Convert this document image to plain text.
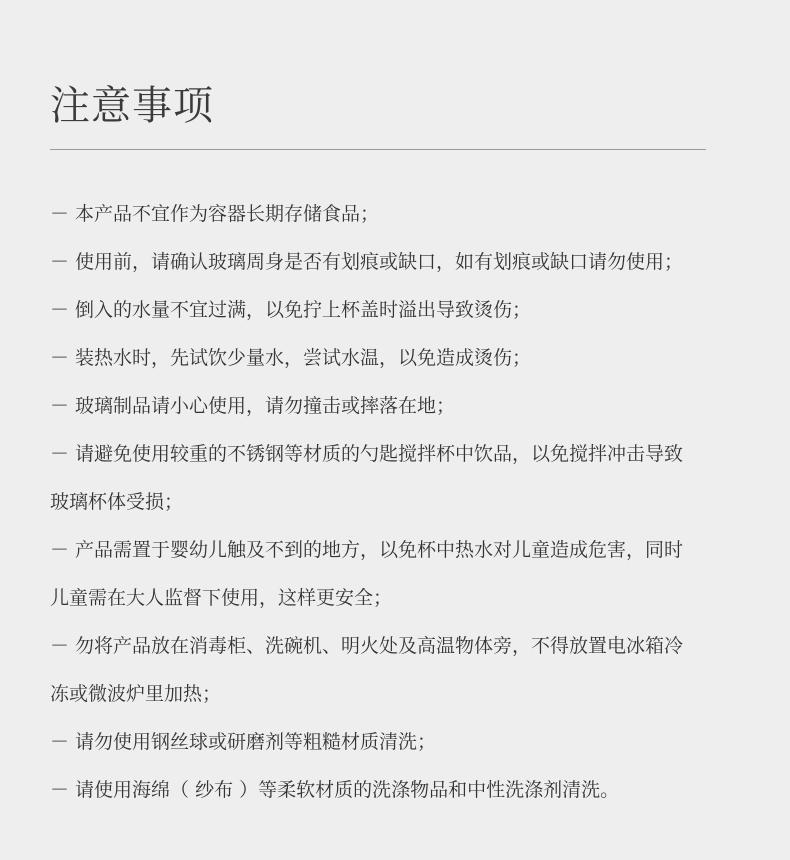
注意事项
－ 本产品不宜作为容器长期存储食品；
－ 使用前，请确认玻璃周身是否有划痕或缺口，如有划痕或缺口请勿使用；
－ 倒入的水量不宜过满，以免拧上杯盖时溢出导致烫伤；
－ 装热水时，先试饮少量水，尝试水温，以免造成烫伤；
－ 玻璃制品请小心使用，请勿撞击或摔落在地；
－ 请避免使用较重的不锈钢等材质的勺匙搅拌杯中饮品，以免搅拌冲击导致
玻璃杯体受损；
－ 产品需置于婴幼儿触及不到的地方，以免杯中热水对儿童造成危害，同时
儿童需在大人监督下使用，这样更安全；
－ 勿将产品放在消毒柜、洗碗机、明火处及高温物体旁，不得放置电冰箱冷
冻或微波炉里加热；
－ 请勿使用钢丝球或研磨剂等粗糙材质清洗；
－ 请使用海绵（ 纱布 ）等柔软材质的洗涤物品和中性洗涤剂清洗。
